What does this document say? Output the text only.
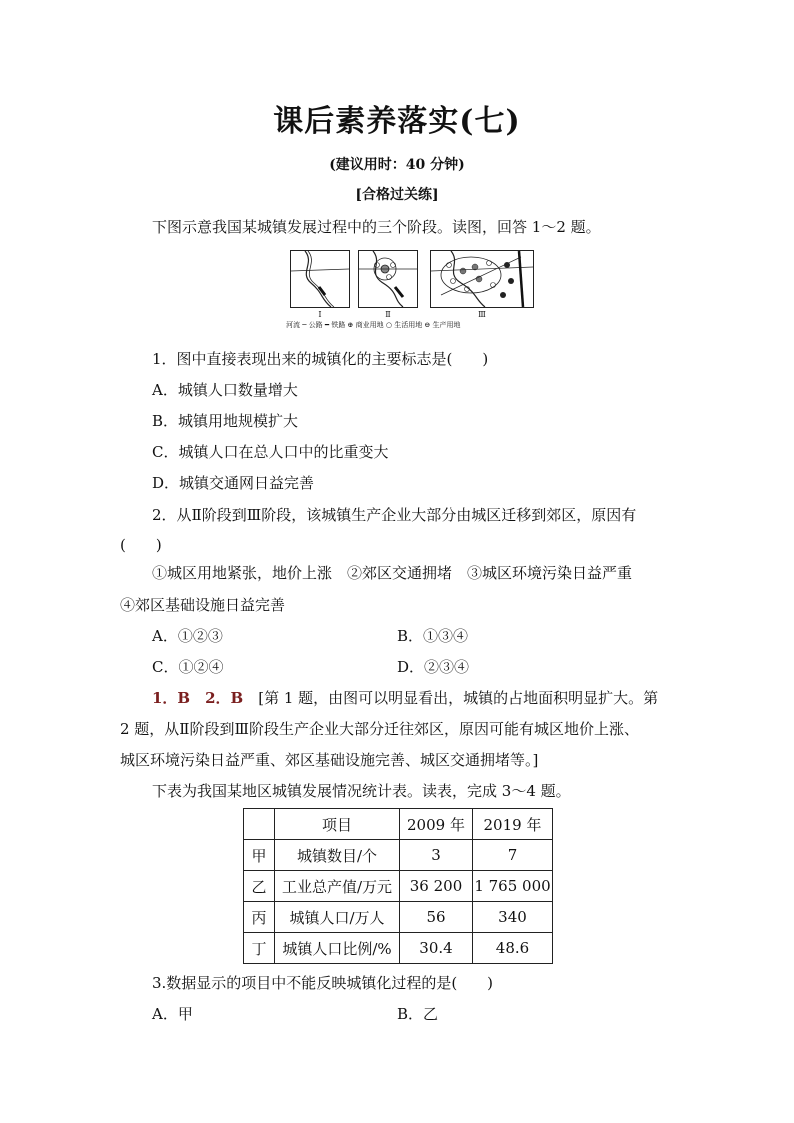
课后素养落实(七)
(建议用时：40 分钟)
[合格过关练]
下图示意我国某城镇发展过程中的三个阶段。读图，回答 1～2 题。
Ⅰ	Ⅱ	Ⅲ
河流 ─ 公路 ━ 铁路 ⊕ 商业用地 ○ 生活用地 ⊖ 生产用地
1．图中直接表现出来的城镇化的主要标志是(　　)
A．城镇人口数量增大
B．城镇用地规模扩大
C．城镇人口在总人口中的比重变大
D．城镇交通网日益完善
2．从Ⅱ阶段到Ⅲ阶段，该城镇生产企业大部分由城区迁移到郊区，原因有
(　　)
①城区用地紧张，地价上涨　②郊区交通拥堵　③城区环境污染日益严重
④郊区基础设施日益完善
A．①②③	B．①③④
C．①②④	D．②③④
1．B　2．B  [第 1 题，由图可以明显看出，城镇的占地面积明显扩大。第
2 题，从Ⅱ阶段到Ⅲ阶段生产企业大部分迁往郊区，原因可能有城区地价上涨、
城区环境污染日益严重、郊区基础设施完善、城区交通拥堵等。]
下表为我国某地区城镇发展情况统计表。读表，完成 3～4 题。
	项目	2009 年	2019 年
甲	城镇数目/个	3	7
乙	工业总产值/万元	36 200	1 765 000
丙	城镇人口/万人	56	340
丁	城镇人口比例/%	30.4	48.6
3.数据显示的项目中不能反映城镇化过程的是(　　)
A．甲	B．乙
